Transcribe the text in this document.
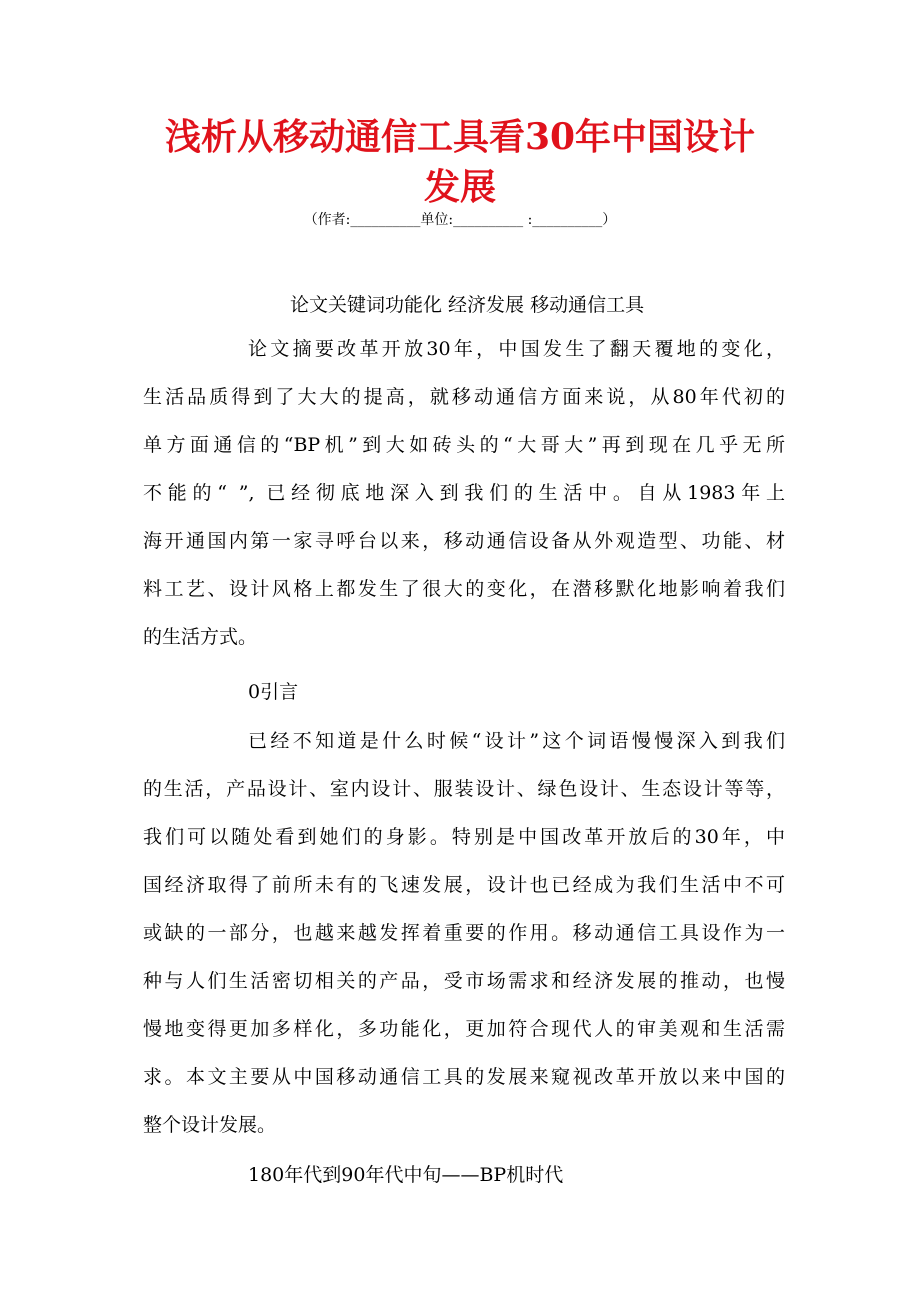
浅析从移动通信工具看30年中国设计
发展
（作者:__________单位:__________ :__________）
论文关键词功能化 经济发展 移动通信工具
论文摘要改革开放30年，中国发生了翻天覆地的变化，
生活品质得到了大大的提高，就移动通信方面来说，从80年代初的
单方面通信的“BP机”到大如砖头的“大哥大”再到现在几乎无所
不能的“ ”, 已经彻底地深入到我们的生活中。自从1983年上
海开通国内第一家寻呼台以来，移动通信设备从外观造型、功能、材
料工艺、设计风格上都发生了很大的变化，在潜移默化地影响着我们
的生活方式。
0引言
已经不知道是什么时候“设计”这个词语慢慢深入到我们
的生活，产品设计、室内设计、服装设计、绿色设计、生态设计等等，
我们可以随处看到她们的身影。特别是中国改革开放后的30年，中
国经济取得了前所未有的飞速发展，设计也已经成为我们生活中不可
或缺的一部分，也越来越发挥着重要的作用。移动通信工具设作为一
种与人们生活密切相关的产品，受市场需求和经济发展的推动，也慢
慢地变得更加多样化，多功能化，更加符合现代人的审美观和生活需
求。本文主要从中国移动通信工具的发展来窥视改革开放以来中国的
整个设计发展。
180年代到90年代中旬——BP机时代
